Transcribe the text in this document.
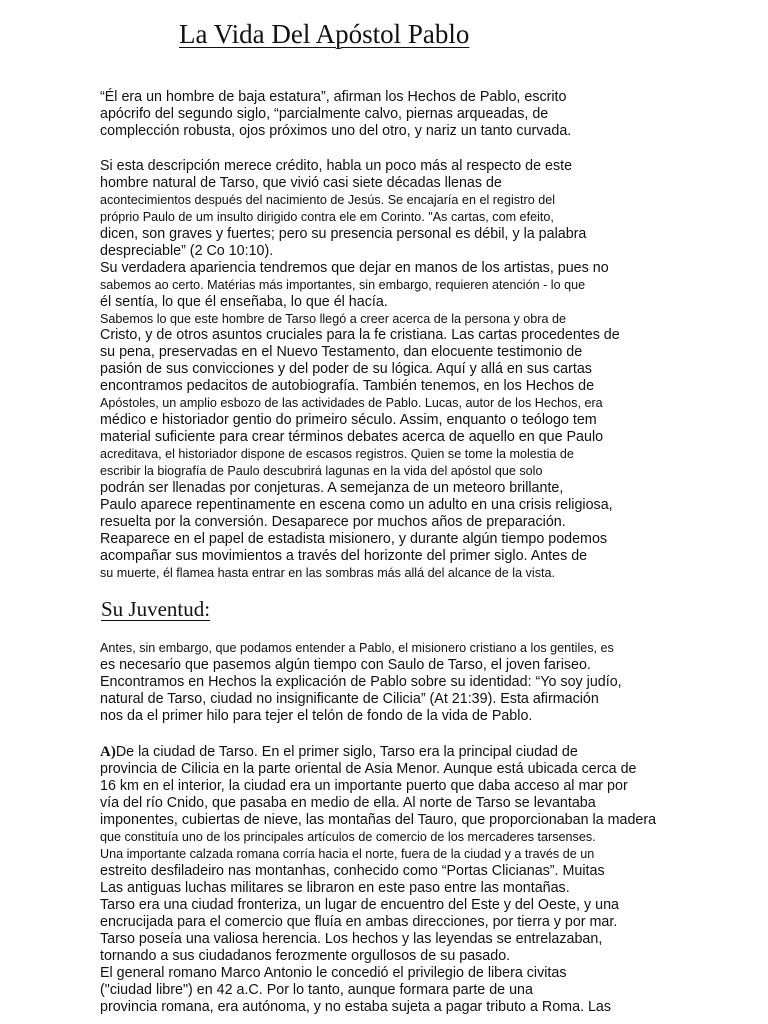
La Vida Del Apóstol Pablo
“Él era un hombre de baja estatura”, afirman los Hechos de Pablo, escrito
apócrifo del segundo siglo, “parcialmente calvo, piernas arqueadas, de
complección robusta, ojos próximos uno del otro, y nariz un tanto curvada.
Si esta descripción merece crédito, habla un poco más al respecto de este
hombre natural de Tarso, que vivió casi siete décadas llenas de
acontecimientos después del nacimiento de Jesús. Se encajaría en el registro del
próprio Paulo de um insulto dirigido contra ele em Corinto. "As cartas, com efeito,
dicen, son graves y fuertes; pero su presencia personal es débil, y la palabra
despreciable” (2 Co 10:10).
Su verdadera apariencia tendremos que dejar en manos de los artistas, pues no
sabemos ao certo. Matérias más importantes, sin embargo, requieren atención - lo que
él sentía, lo que él enseñaba, lo que él hacía.
Sabemos lo que este hombre de Tarso llegó a creer acerca de la persona y obra de
Cristo, y de otros asuntos cruciales para la fe cristiana. Las cartas procedentes de
su pena, preservadas en el Nuevo Testamento, dan elocuente testimonio de
pasión de sus convicciones y del poder de su lógica. Aquí y allá en sus cartas
encontramos pedacitos de autobiografía. También tenemos, en los Hechos de
Apóstoles, un amplio esbozo de las actividades de Pablo. Lucas, autor de los Hechos, era
médico e historiador gentio do primeiro século. Assim, enquanto o teólogo tem
material suficiente para crear términos debates acerca de aquello en que Paulo
acreditava, el historiador dispone de escasos registros. Quien se tome la molestia de
escribir la biografía de Paulo descubrirá lagunas en la vida del apóstol que solo
podrán ser llenadas por conjeturas. A semejanza de un meteoro brillante,
Paulo aparece repentinamente en escena como un adulto en una crisis religiosa,
resuelta por la conversión. Desaparece por muchos años de preparación.
Reaparece en el papel de estadista misionero, y durante algún tiempo podemos
acompañar sus movimientos a través del horizonte del primer siglo. Antes de
su muerte, él flamea hasta entrar en las sombras más allá del alcance de la vista.
Su Juventud:
Antes, sin embargo, que podamos entender a Pablo, el misionero cristiano a los gentiles, es
es necesario que pasemos algún tiempo con Saulo de Tarso, el joven fariseo.
Encontramos en Hechos la explicación de Pablo sobre su identidad: “Yo soy judío,
natural de Tarso, ciudad no insignificante de Cilicia” (At 21:39). Esta afirmación
nos da el primer hilo para tejer el telón de fondo de la vida de Pablo.
A)De la ciudad de Tarso. En el primer siglo, Tarso era la principal ciudad de
provincia de Cilicia en la parte oriental de Asia Menor. Aunque está ubicada cerca de
16 km en el interior, la ciudad era un importante puerto que daba acceso al mar por
vía del río Cnido, que pasaba en medio de ella. Al norte de Tarso se levantaba
imponentes, cubiertas de nieve, las montañas del Tauro, que proporcionaban la madera
que constituía uno de los principales artículos de comercio de los mercaderes tarsenses.
Una importante calzada romana corría hacia el norte, fuera de la ciudad y a través de un
estreito desfiladeiro nas montanhas, conhecido como “Portas Clicianas”. Muitas
Las antiguas luchas militares se libraron en este paso entre las montañas.
Tarso era una ciudad fronteriza, un lugar de encuentro del Este y del Oeste, y una
encrucijada para el comercio que fluía en ambas direcciones, por tierra y por mar.
Tarso poseía una valiosa herencia. Los hechos y las leyendas se entrelazaban,
tornando a sus ciudadanos ferozmente orgullosos de su pasado.
El general romano Marco Antonio le concedió el privilegio de libera civitas
("ciudad libre") en 42 a.C. Por lo tanto, aunque formara parte de una
provincia romana, era autónoma, y no estaba sujeta a pagar tributo a Roma. Las
